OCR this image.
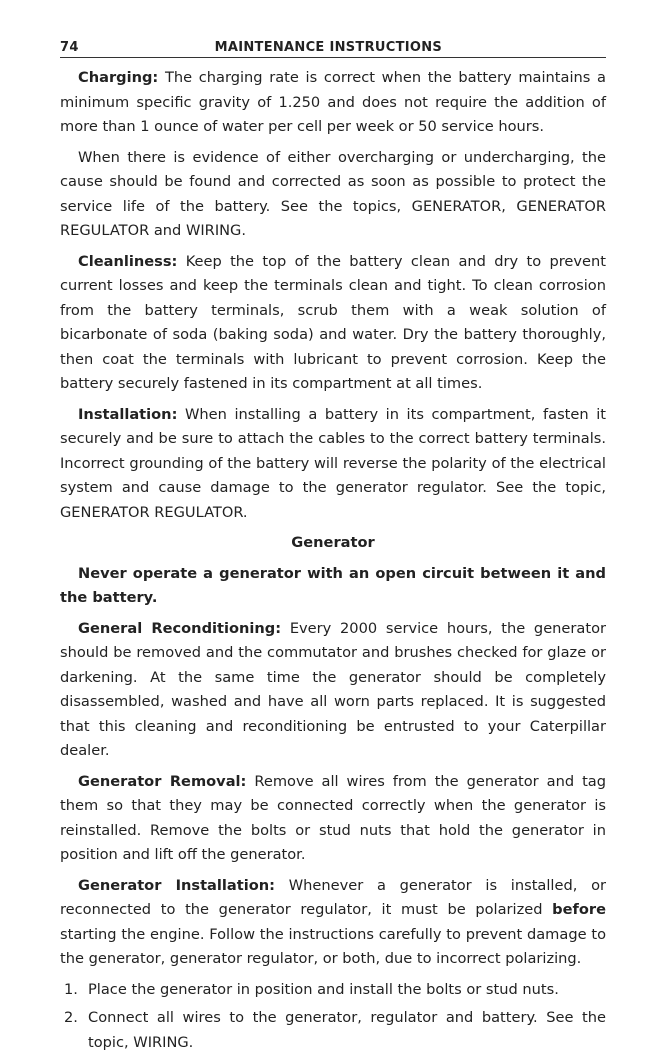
74	MAINTENANCE INSTRUCTIONS

Charging: The charging rate is correct when the battery maintains a minimum specific gravity of 1.250 and does not require the addition of more than 1 ounce of water per cell per week or 50 service hours.

When there is evidence of either overcharging or undercharging, the cause should be found and corrected as soon as possible to protect the service life of the battery. See the topics, GENERATOR, GENERATOR REGULATOR and WIRING.

Cleanliness: Keep the top of the battery clean and dry to prevent current losses and keep the terminals clean and tight. To clean corrosion from the battery terminals, scrub them with a weak solution of bicarbonate of soda (baking soda) and water. Dry the battery thoroughly, then coat the terminals with lubricant to prevent corrosion. Keep the battery securely fastened in its compartment at all times.

Installation: When installing a battery in its compartment, fasten it securely and be sure to attach the cables to the correct battery terminals. Incorrect grounding of the battery will reverse the polarity of the electrical system and cause damage to the generator regulator. See the topic, GENERATOR REGULATOR.

Generator

Never operate a generator with an open circuit between it and the battery.

General Reconditioning: Every 2000 service hours, the generator should be removed and the commutator and brushes checked for glaze or darkening. At the same time the generator should be completely disassembled, washed and have all worn parts replaced. It is suggested that this cleaning and reconditioning be entrusted to your Caterpillar dealer.

Generator Removal: Remove all wires from the generator and tag them so that they may be connected correctly when the generator is reinstalled. Remove the bolts or stud nuts that hold the generator in position and lift off the generator.

Generator Installation: Whenever a generator is installed, or reconnected to the generator regulator, it must be polarized before starting the engine. Follow the instructions carefully to prevent damage to the generator, generator regulator, or both, due to incorrect polarizing.

1. Place the generator in position and install the bolts or stud nuts.
2. Connect all wires to the generator, regulator and battery. See the topic, WIRING.
